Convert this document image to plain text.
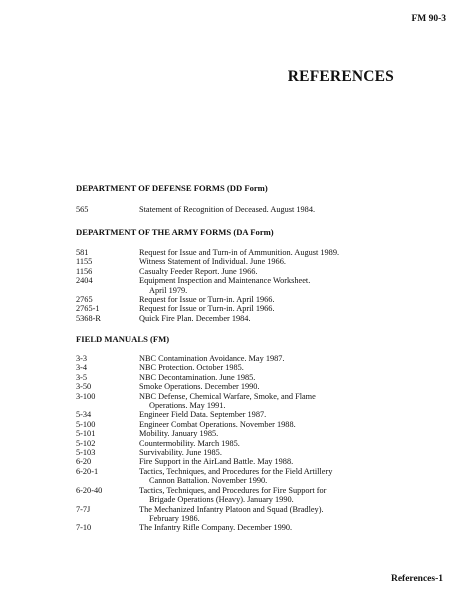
FM 90-3
REFERENCES
DEPARTMENT OF DEFENSE FORMS (DD Form)
565	Statement of Recognition of Deceased. August 1984.
DEPARTMENT OF THE ARMY FORMS (DA Form)
581	Request for Issue and Turn-in of Ammunition. August 1989.
1155	Witness Statement of Individual. June 1966.
1156	Casualty Feeder Report. June 1966.
2404	Equipment Inspection and Maintenance Worksheet.
April 1979.
2765	Request for Issue or Turn-in. April 1966.
2765-1	Request for Issue or Turn-in. April 1966.
5368-R	Quick Fire Plan. December 1984.
FIELD MANUALS (FM)
3-3	NBC Contamination Avoidance. May 1987.
3-4	NBC Protection. October 1985.
3-5	NBC Decontamination. June 1985.
3-50	Smoke Operations. December 1990.
3-100	NBC Defense, Chemical Warfare, Smoke, and Flame
Operations. May 1991.
5-34	Engineer Field Data. September 1987.
5-100	Engineer Combat Operations. November 1988.
5-101	Mobility. January 1985.
5-102	Countermobility. March 1985.
5-103	Survivability. June 1985.
6-20	Fire Support in the AirLand Battle. May 1988.
6-20-1	Tactics, Techniques, and Procedures for the Field Artillery
Cannon Battalion. November 1990.
6-20-40	Tactics, Techniques, and Procedures for Fire Support for
Brigade Operations (Heavy). January 1990.
7-7J	The Mechanized Infantry Platoon and Squad (Bradley).
February 1986.
7-10	The Infantry Rifle Company. December 1990.
References-1
